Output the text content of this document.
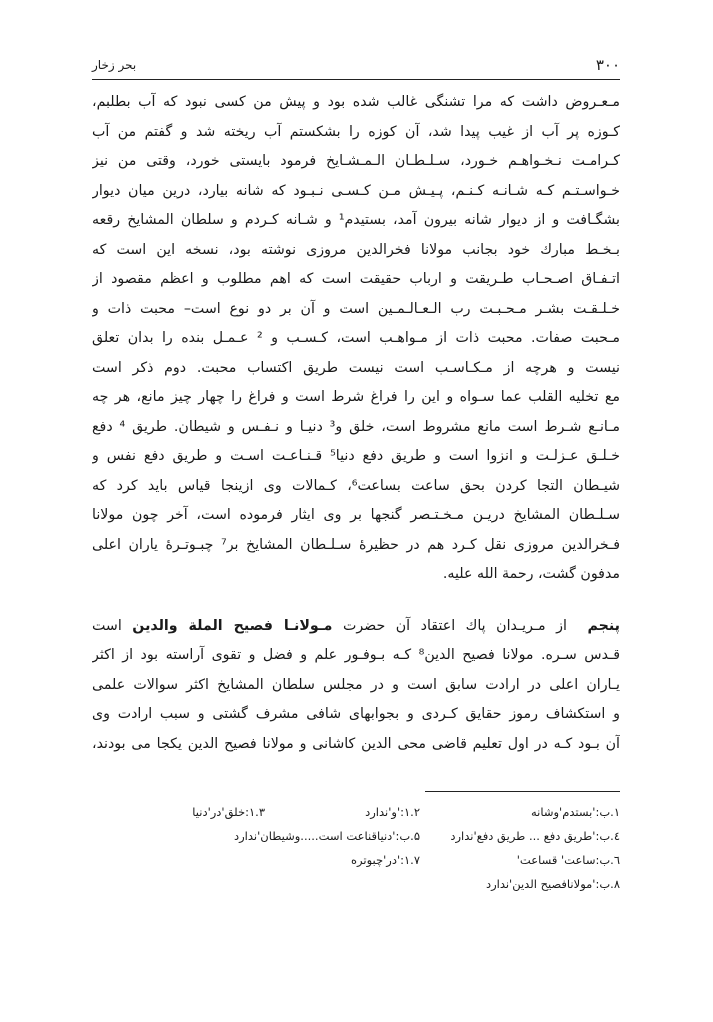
۳۰۰
بحر زخار
مـعـروض داشت که مرا تشنگی غالب شده بود و پیش من کسی نبود که آب بطلبم،
کـوزه پر آب از غیب پیدا شد، آن کوزه را بشکستم آب ریخته شد و گفتم من آب
کـرامـت نـخـواهـم خـورد، سـلـطـان الـمـشـایخ فرمود بایستی خورد، وقتی من نیز
خـواسـتـم کـه شـانـه کـنـم، پـیـش مـن کـسـی نـبـود که شانه بیارد، درین میان دیوار
بشگـافت و از دیوار شانه بیرون آمد، بستیدم¹ و شـانه کـردم و سلطان المشایخ رقعه
بـخـط مبارك خود بجانب مولانا فخرالدین مروزی نوشته بود، نسخه این است که
اتـفـاق اصـحـاب طـریقت و ارباب حقیقت است که اهم مطلوب و اعظم مقصود از
خـلـقـت بشـر مـحـبـت رب الـعـالـمـین است و آن بر دو نوع است– محبت ذات و
مـحبت صفات. محبت ذات از مـواهـب است، کـسـب و ² عـمـل بنده را بدان تعلق
نیست و هرچه از مـکـاسـب است نیست طریق اکتساب محبت. دوم ذکر است
مع تخلیه القلب عما سـواه و این را فراغ شرط است و فراغ را چهار چیز مانع، هر چه
مـانـع شـرط است مانع مشروط است، خلق و³ دنیـا و نـفـس و شیطان. طریق ⁴ دفع
خـلـق عـزلـت و انزوا است و طریق دفع دنیا⁵ قـنـاعـت اسـت و طریق دفع نفس و
شیـطان التجا کردن بحق ساعت بساعت⁶، کـمالات وی ازینجا قیاس باید کرد که
سـلـطان المشایخ دریـن مـخـتـصر گنجها بر وی ایثار فرموده است، آخر چون مولانا
فـخرالدین مروزی نقل کـرد هم در حظیرهٔ سـلـطان المشایخ بر⁷ چبـوتـرهٔ یاران اعلی
مدفون گشت، رحمة الله علیه.
پنجم از مـریـدان پاك اعتقاد آن حضرت مـولانـا فصیح الملة والدین است
قـدس سـره. مولانا فصیح الدین⁸ کـه بـوفـور علم و فضل و تقوی آراسته بود از اکثر
یـاران اعلی در ارادت سابق است و در مجلس سلطان المشایخ اکثر سوالات علمی
و استکشاف رموز حقایق کـردی و بجوابهای شافی مشرف گشتی و سبب ارادت وی
آن بـود کـه در اول تعلیم قاضی محی الدین کاشانی و مولانا فصیح الدین یکجا می بودند،
۱.ب:'بستدم'وشانه
۱.۲:'و'ندارد
۱.۳:خلق'در'دنیا
٤.ب:'طریق دفع ... طریق دفع'ندارد
۵.ب:'دنیاقناعت است.....وشیطان'ندارد
٦.ب:ساعت' قساعت'
۱.۷:'در'چبوتره
۸.ب:'مولانافصیح الدین'ندارد
